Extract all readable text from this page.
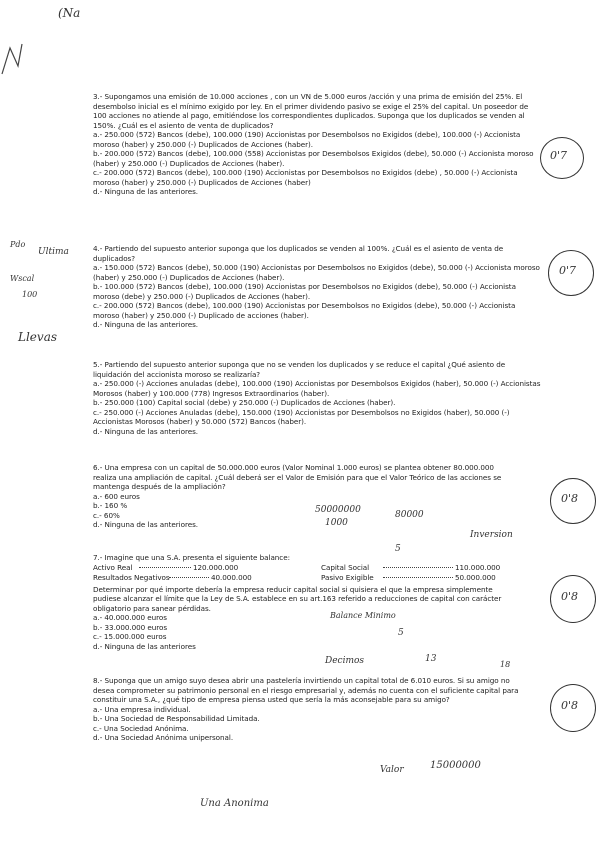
3.- Supongamos una emisión de 10.000 acciones , con un VN de 5.000 euros /acción y una prima de emisión del 25%. El desembolso inicial es el mínimo exigido por ley. En el primer dividendo pasivo se exige el 25% del capital. Un poseedor de 100 acciones no atiende al pago, emitiéndose los correspondientes duplicados. Suponga que los duplicados se venden al 150%. ¿Cuál es el asiento de venta de duplicados?

a.- 250.000 (572) Bancos (debe), 100.000 (190) Accionistas por Desembolsos no Exigidos (debe), 100.000 (-) Accionista moroso (haber) y 250.000 (-) Duplicados de Acciones (haber).

b.- 200.000 (572) Bancos (debe), 100.000 (558) Accionistas por Desembolsos Exigidos (debe), 50.000 (-) Accionista moroso (haber) y 250.000 (-) Duplicados de Acciones (haber).

c.- 200.000 (572) Bancos (debe), 100.000 (190) Accionistas por Desembolsos no Exigidos (debe) , 50.000 (-) Accionista moroso (haber) y 250.000 (-) Duplicados de Acciones (haber)

d.- Ninguna de las anteriores.

4.- Partiendo del supuesto anterior suponga que los duplicados se venden al 100%. ¿Cuál es el asiento de venta de duplicados?

a.- 150.000 (572) Bancos (debe), 50.000 (190) Accionistas por Desembolsos no Exigidos (debe), 50.000 (-) Accionista moroso (haber) y 250.000 (-) Duplicados de Acciones (haber).

b.- 100.000 (572) Bancos (debe), 100.000 (190) Accionistas por Desembolsos no Exigidos (debe), 50.000 (-) Accionista moroso (debe) y 250.000 (-) Duplicados de Acciones (haber).

c.- 200.000 (572) Bancos (debe), 100.000 (190) Accionistas por Desembolsos no Exigidos (debe), 50.000 (-) Accionista moroso (haber) y 250.000 (-) Duplicado de acciones (haber).

d.- Ninguna de las anteriores.

5.- Partiendo del supuesto anterior suponga que no se venden los duplicados y se reduce el capital ¿Qué asiento de liquidación del accionista moroso se realizaría?

a.- 250.000 (-) Acciones anuladas (debe), 100.000 (190) Accionistas por Desembolsos Exigidos (haber), 50.000 (-) Accionistas Morosos (haber) y 100.000 (778) Ingresos Extraordinarios (haber).

b.- 250.000 (100) Capital social (debe) y 250.000 (-) Duplicados de Acciones (haber).

c.- 250.000 (-) Acciones Anuladas (debe), 150.000 (190) Accionistas por Desembolsos no Exigidos (haber), 50.000 (-) Accionistas Morosos (haber) y 50.000 (572) Bancos (haber).

d.- Ninguna de las anteriores.

6.- Una empresa con un capital de 50.000.000 euros (Valor Nominal 1.000 euros) se plantea obtener 80.000.000 realiza una ampliación de capital. ¿Cuál deberá ser el Valor de Emisión para que el Valor Teórico de las acciones se mantenga después de la ampliación?

a.- 600 euros

b.- 160 %

c.- 60%

d.- Ninguna de las anteriores.

7.- Imagine que una S.A. presenta el siguiente balance:

Activo Real	120.000.000	Capital Social	110.000.000
Resultados Negativos	40.000.000	Pasivo Exigible	50.000.000

Determinar por qué importe debería la empresa reducir capital social si quisiera el que la empresa simplemente pudiese alcanzar el límite que la Ley de S.A. establece en su art.163 referido a reducciones de capital con carácter obligatorio para sanear pérdidas.

a.- 40.000.000 euros

b.- 33.000.000 euros

c.- 15.000.000 euros

d.- Ninguna de las anteriores

8.- Suponga que un amigo suyo desea abrir una pastelería invirtiendo un capital total de 6.010 euros. Si su amigo no desea comprometer su patrimonio personal en el riesgo empresarial y, además no cuenta con el suficiente capital para constituir una S.A., ¿qué tipo de empresa piensa usted que sería la más aconsejable para su amigo?

a.- Una empresa individual.

b.- Una Sociedad de Responsabilidad Limitada.

c.- Una Sociedad Anónima.

d.- Una Sociedad Anónima unipersonal.

(Na
Pdo
Ultima
Wscal
100
Llevas
50000000
1000
80000
Inversion
5
Balance Minimo
5
Decimos	13
18
Valor	15000000
Una Anonima
0'7
0'7
0'8
0'8
0'8
